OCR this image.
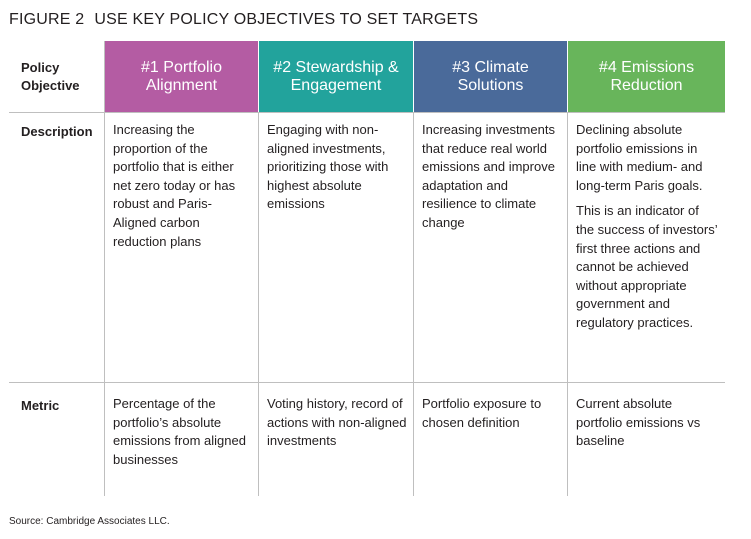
FIGURE 2 USE KEY POLICY OBJECTIVES TO SET TARGETS
Policy
Objective
Description
Metric
#1 Portfolio
Alignment
#2 Stewardship &
Engagement
#3 Climate
Solutions
#4 Emissions
Reduction

Increasing the proportion of the portfolio that is either net zero today or has robust and Paris-Aligned carbon reduction plans

Engaging with non-aligned investments, prioritizing those with highest absolute emissions

Increasing investments that reduce real world emissions and improve adaptation and resilience to climate change

Declining absolute portfolio emissions in line with medium- and long-term Paris goals.

This is an indicator of the success of investors’ first three actions and cannot be achieved without appropriate government and regulatory practices.

Percentage of the portfolio’s absolute emissions from aligned businesses
Voting history, record of actions with non-aligned investments
Portfolio exposure to chosen definition
Current absolute portfolio emissions vs baseline
Source: Cambridge Associates LLC.
